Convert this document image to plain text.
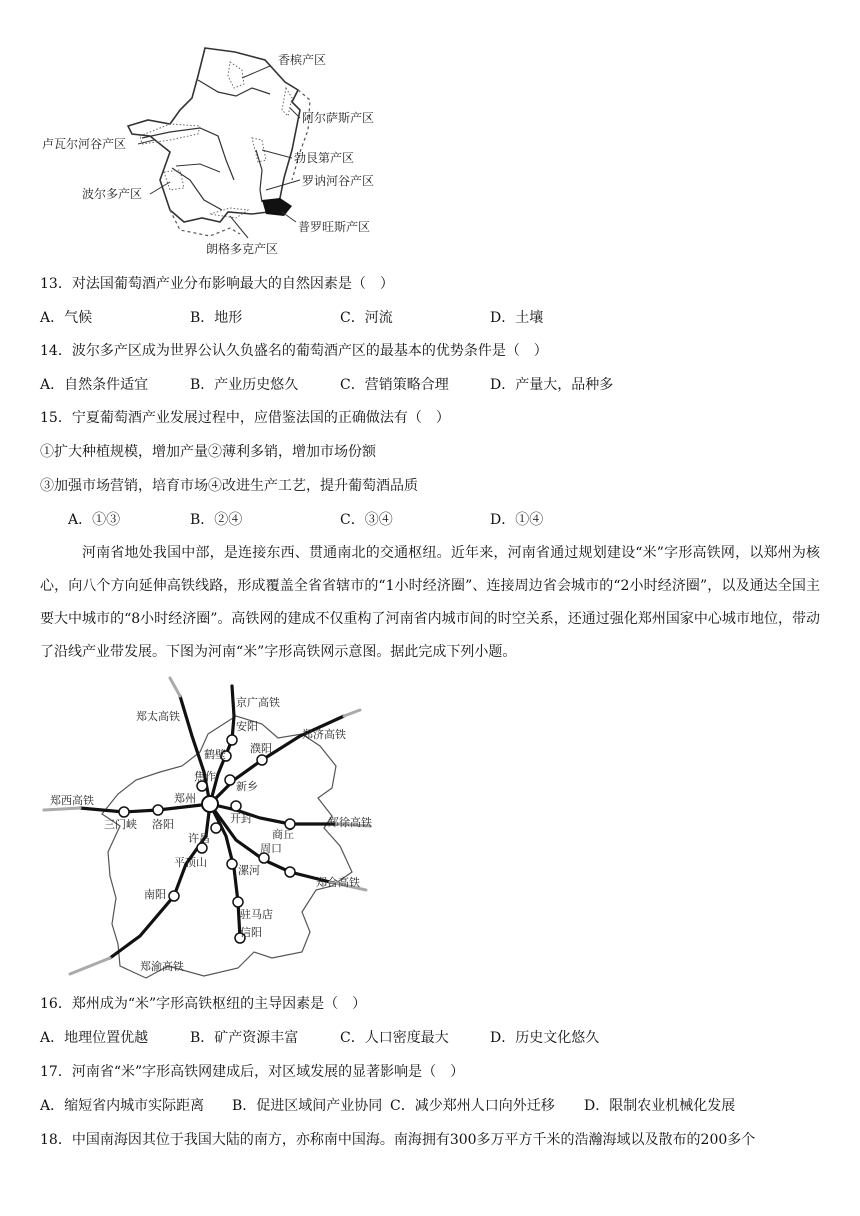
香槟产区
阿尔萨斯产区
卢瓦尔河谷产区
勃艮第产区
罗讷河谷产区
波尔多产区
普罗旺斯产区
朗格多克产区
13．对法国葡萄酒产业分布影响最大的自然因素是（　）
A．气候	B．地形	C．河流	D．土壤
14．波尔多产区成为世界公认久负盛名的葡萄酒产区的最基本的优势条件是（　）
A．自然条件适宜	B．产业历史悠久	C．营销策略合理	D．产量大，品种多
15．宁夏葡萄酒产业发展过程中，应借鉴法国的正确做法有（　）
①扩大种植规模，增加产量②薄利多销，增加市场份额
③加强市场营销，培育市场④改进生产工艺，提升葡萄酒品质
A．①③	B．②④	C．③④	D．①④
河南省地处我国中部，是连接东西、贯通南北的交通枢纽。近年来，河南省通过规划建设“米”字形高铁网，以郑州为核心，向八个方向延伸高铁线路，形成覆盖全省省辖市的“1小时经济圈”、连接周边省会城市的“2小时经济圈”，以及通达全国主要大中城市的“8小时经济圈”。高铁网的建成不仅重构了河南省内城市间的时空关系，还通过强化郑州国家中心城市地位，带动了沿线产业带发展。下图为河南“米”字形高铁网示意图。据此完成下列小题。
郑太高铁
京广高铁
郑济高铁
郑西高铁
郑徐高铁
郑合高铁
郑渝高铁
安阳
鹤壁 濮阳
新乡
焦作
郑州
开封
商丘
三门峡 洛阳
许昌
周口
平顶山
漯河
南阳
驻马店
信阳
16．郑州成为“米”字形高铁枢纽的主导因素是（　）
A．地理位置优越	B．矿产资源丰富	C．人口密度最大	D．历史文化悠久
17．河南省“米”字形高铁网建成后，对区域发展的显著影响是（　）
A．缩短省内城市实际距离 B．促进区域间产业协同 C．减少郑州人口向外迁移 D．限制农业机械化发展
18．中国南海因其位于我国大陆的南方，亦称南中国海。南海拥有300多万平方千米的浩瀚海域以及散布的200多个
